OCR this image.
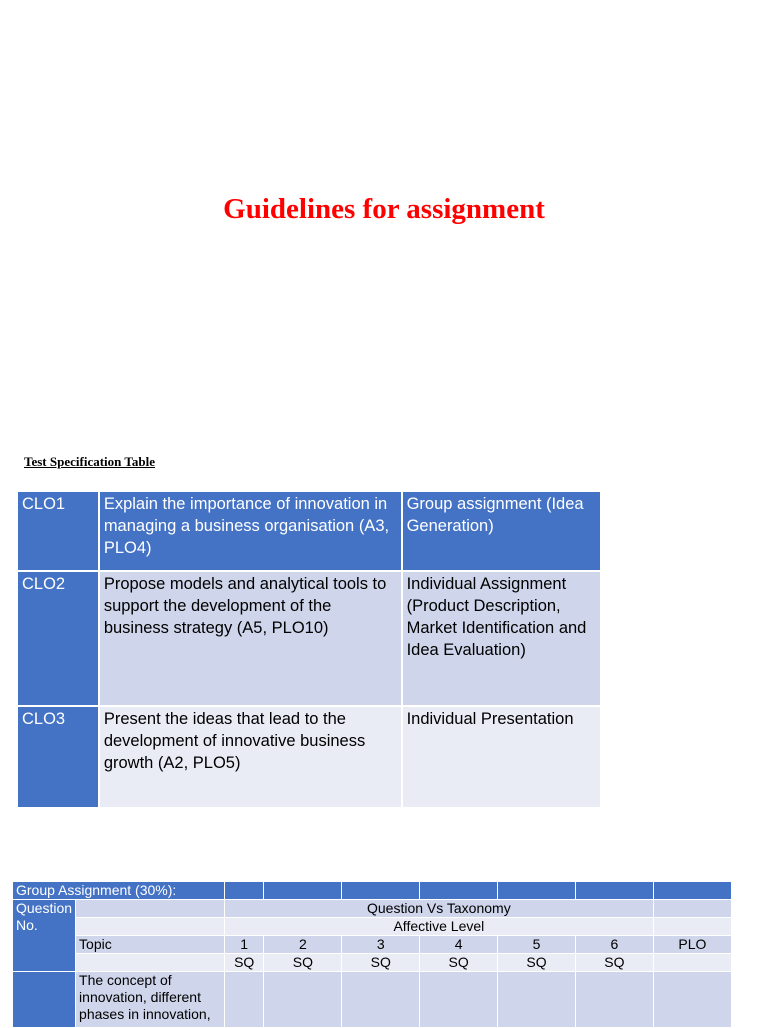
Guidelines for assignment
Test Specification Table
CLO1	Explain the importance of innovation in managing a business organisation (A3, PLO4)	Group assignment (Idea Generation)
CLO2	Propose models and analytical tools to support the development of the business strategy (A5, PLO10)	Individual Assignment (Product Description, Market Identification and Idea Evaluation)
CLO3	Present the ideas that lead to the development of innovative business growth (A2, PLO5)	Individual Presentation
Group Assignment (30%):								
Question No.		Question Vs Taxonomy						
		Affective Level						
	Topic	1	2	3	4	5	6	PLO
		SQ	SQ	SQ	SQ	SQ	SQ	
	The concept of innovation, different phases in innovation,							
